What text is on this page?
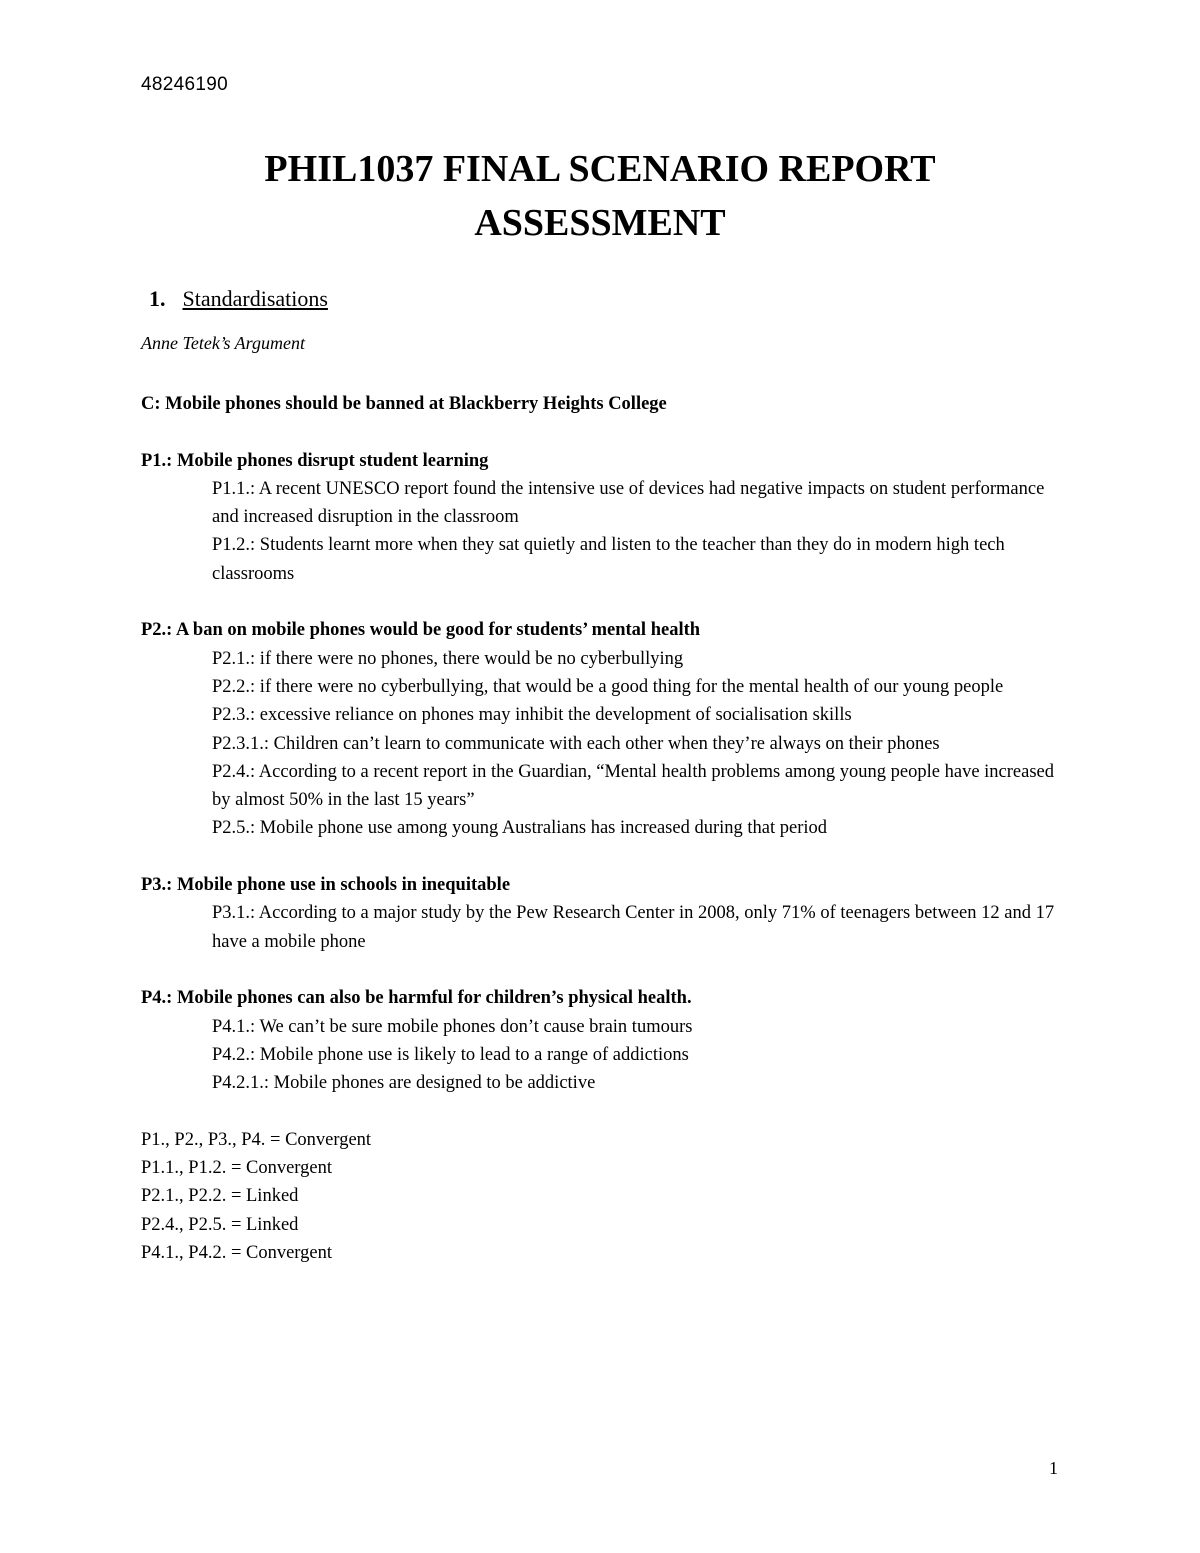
48246190
PHIL1037 FINAL SCENARIO REPORT
ASSESSMENT
1. Standardisations
Anne Tetek’s Argument
C: Mobile phones should be banned at Blackberry Heights College
P1.: Mobile phones disrupt student learning
P1.1.: A recent UNESCO report found the intensive use of devices had negative impacts on student performance and increased disruption in the classroom
P1.2.: Students learnt more when they sat quietly and listen to the teacher than they do in modern high tech classrooms
P2.: A ban on mobile phones would be good for students’ mental health
P2.1.: if there were no phones, there would be no cyberbullying
P2.2.: if there were no cyberbullying, that would be a good thing for the mental health of our young people
P2.3.: excessive reliance on phones may inhibit the development of socialisation skills
P2.3.1.: Children can’t learn to communicate with each other when they’re always on their phones
P2.4.: According to a recent report in the Guardian, “Mental health problems among young people have increased by almost 50% in the last 15 years”
P2.5.: Mobile phone use among young Australians has increased during that period
P3.: Mobile phone use in schools in inequitable
P3.1.: According to a major study by the Pew Research Center in 2008, only 71% of teenagers between 12 and 17 have a mobile phone
P4.: Mobile phones can also be harmful for children’s physical health.
P4.1.: We can’t be sure mobile phones don’t cause brain tumours
P4.2.: Mobile phone use is likely to lead to a range of addictions
P4.2.1.: Mobile phones are designed to be addictive
P1., P2., P3., P4. = Convergent
P1.1., P1.2. = Convergent
P2.1., P2.2. = Linked
P2.4., P2.5. = Linked
P4.1., P4.2. = Convergent
1
